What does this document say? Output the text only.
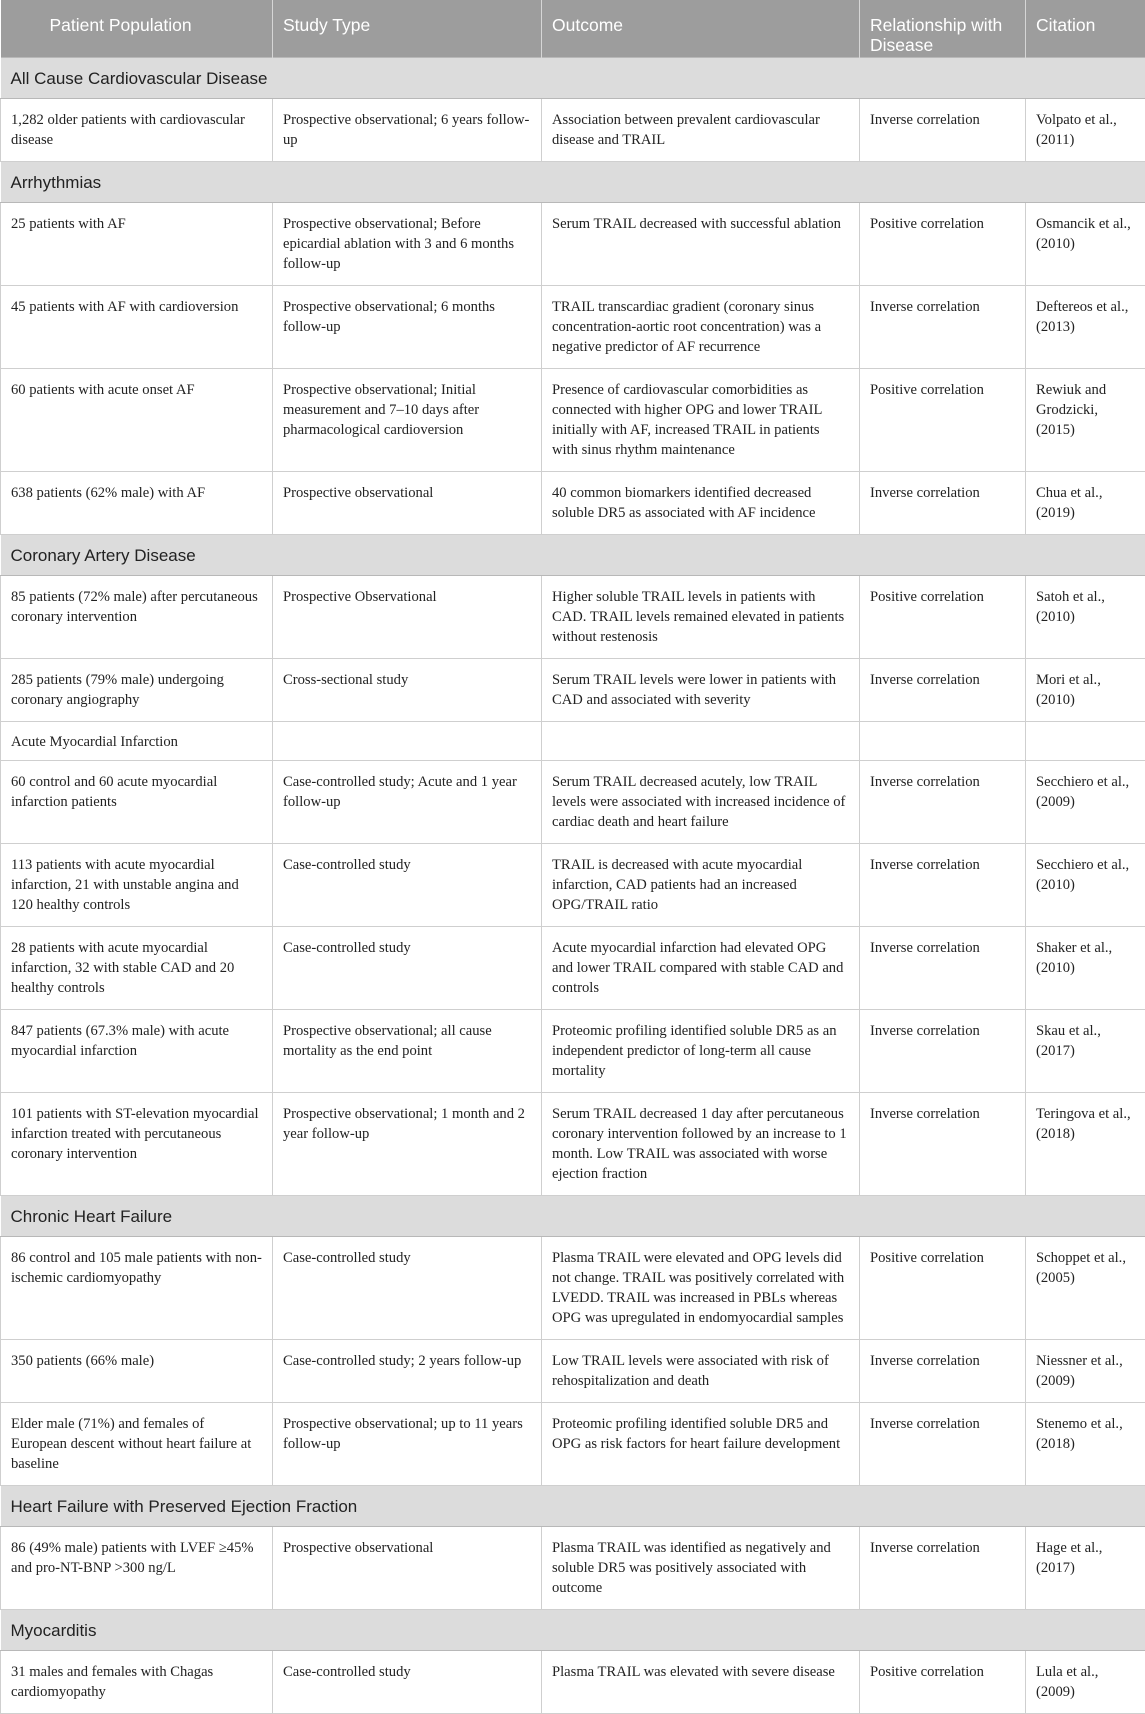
Patient Population	Study Type	Outcome	Relationship with Disease	Citation
All Cause Cardiovascular Disease				
1,282 older patients with cardiovascular disease	Prospective observational; 6 years follow-up	Association between prevalent cardiovascular disease and TRAIL	Inverse correlation	Volpato et al., (2011)
Arrhythmias				
25 patients with AF	Prospective observational; Before epicardial ablation with 3 and 6 months follow-up	Serum TRAIL decreased with successful ablation	Positive correlation	Osmancik et al., (2010)
45 patients with AF with cardioversion	Prospective observational; 6 months follow-up	TRAIL transcardiac gradient (coronary sinus concentration-aortic root concentration) was a negative predictor of AF recurrence	Inverse correlation	Deftereos et al., (2013)
60 patients with acute onset AF	Prospective observational; Initial measurement and 7–10 days after pharmacological cardioversion	Presence of cardiovascular comorbidities as connected with higher OPG and lower TRAIL initially with AF, increased TRAIL in patients with sinus rhythm maintenance	Positive correlation	Rewiuk and Grodzicki, (2015)
638 patients (62% male) with AF	Prospective observational	40 common biomarkers identified decreased soluble DR5 as associated with AF incidence	Inverse correlation	Chua et al., (2019)
Coronary Artery Disease				
85 patients (72% male) after percutaneous coronary intervention	Prospective Observational	Higher soluble TRAIL levels in patients with CAD. TRAIL levels remained elevated in patients without restenosis	Positive correlation	Satoh et al., (2010)
285 patients (79% male) undergoing coronary angiography	Cross-sectional study	Serum TRAIL levels were lower in patients with CAD and associated with severity	Inverse correlation	Mori et al., (2010)
Acute Myocardial Infarction				
60 control and 60 acute myocardial infarction patients	Case-controlled study; Acute and 1 year follow-up	Serum TRAIL decreased acutely, low TRAIL levels were associated with increased incidence of cardiac death and heart failure	Inverse correlation	Secchiero et al., (2009)
113 patients with acute myocardial infarction, 21 with unstable angina and 120 healthy controls	Case-controlled study	TRAIL is decreased with acute myocardial infarction, CAD patients had an increased OPG/TRAIL ratio	Inverse correlation	Secchiero et al., (2010)
28 patients with acute myocardial infarction, 32 with stable CAD and 20 healthy controls	Case-controlled study	Acute myocardial infarction had elevated OPG and lower TRAIL compared with stable CAD and controls	Inverse correlation	Shaker et al., (2010)
847 patients (67.3% male) with acute myocardial infarction	Prospective observational; all cause mortality as the end point	Proteomic profiling identified soluble DR5 as an independent predictor of long-term all cause mortality	Inverse correlation	Skau et al., (2017)
101 patients with ST-elevation myocardial infarction treated with percutaneous coronary intervention	Prospective observational; 1 month and 2 year follow-up	Serum TRAIL decreased 1 day after percutaneous coronary intervention followed by an increase to 1 month. Low TRAIL was associated with worse ejection fraction	Inverse correlation	Teringova et al., (2018)
Chronic Heart Failure				
86 control and 105 male patients with non-ischemic cardiomyopathy	Case-controlled study	Plasma TRAIL were elevated and OPG levels did not change. TRAIL was positively correlated with LVEDD. TRAIL was increased in PBLs whereas OPG was upregulated in endomyocardial samples	Positive correlation	Schoppet et al., (2005)
350 patients (66% male)	Case-controlled study; 2 years follow-up	Low TRAIL levels were associated with risk of rehospitalization and death	Inverse correlation	Niessner et al., (2009)
Elder male (71%) and females of European descent without heart failure at baseline	Prospective observational; up to 11 years follow-up	Proteomic profiling identified soluble DR5 and OPG as risk factors for heart failure development	Inverse correlation	Stenemo et al., (2018)
Heart Failure with Preserved Ejection Fraction				
86 (49% male) patients with LVEF ≥45% and pro-NT-BNP >300 ng/L	Prospective observational	Plasma TRAIL was identified as negatively and soluble DR5 was positively associated with outcome	Inverse correlation	Hage et al., (2017)
Myocarditis				
31 males and females with Chagas cardiomyopathy	Case-controlled study	Plasma TRAIL was elevated with severe disease	Positive correlation	Lula et al., (2009)
